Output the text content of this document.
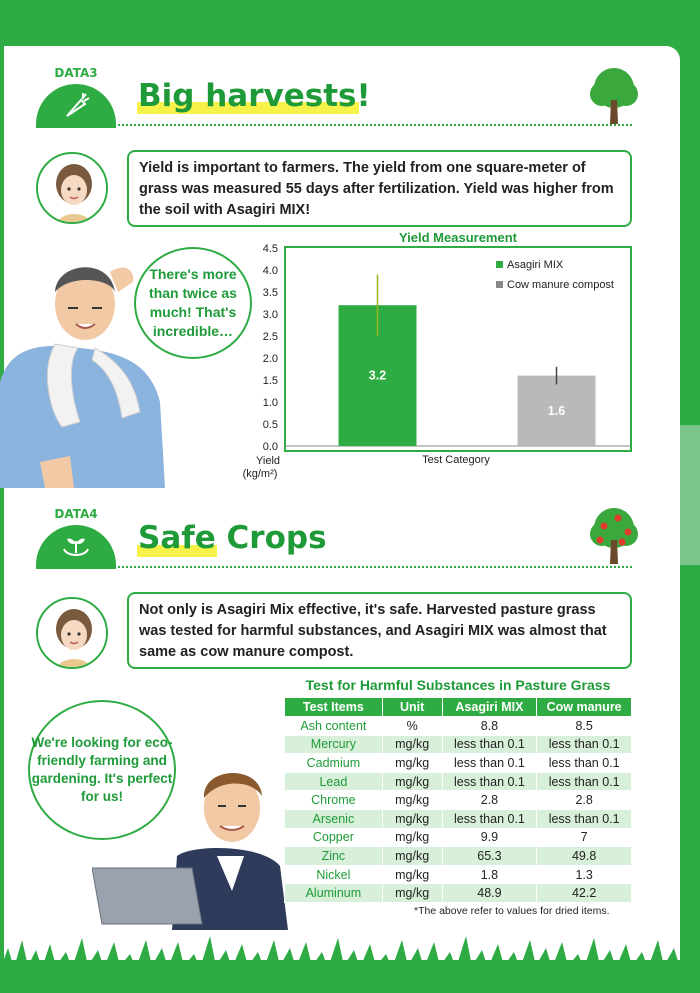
DATA3
Big harvests!
Yield is important to farmers. The yield from one square-meter of grass was measured 55 days after fertilization. Yield was higher from the soil with Asagiri MIX!
There's more than twice as much! That's incredible…
Yield Measurement
0.0
0.5
1.0
1.5
2.0
2.5
3.0
3.5
4.0
4.5
3.2
1.6
Asagiri MIX
Cow manure compost
Test Category
Yield
(kg/m²)
DATA4
Safe Crops
Not only is Asagiri Mix effective, it's safe. Harvested pasture grass was tested for harmful substances, and Asagiri MIX was almost that same as cow manure compost.
We're looking for eco-friendly farming and gardening. It's perfect for us!
Test for Harmful Substances in Pasture Grass
Test Items	Unit	Asagiri MIX	Cow manure
Ash content	%	8.8	8.5
Mercury	mg/kg	less than 0.1	less than 0.1
Cadmium	mg/kg	less than 0.1	less than 0.1
Lead	mg/kg	less than 0.1	less than 0.1
Chrome	mg/kg	2.8	2.8
Arsenic	mg/kg	less than 0.1	less than 0.1
Copper	mg/kg	9.9	7
Zinc	mg/kg	65.3	49.8
Nickel	mg/kg	1.8	1.3
Aluminum	mg/kg	48.9	42.2
*The above refer to values for dried items.
